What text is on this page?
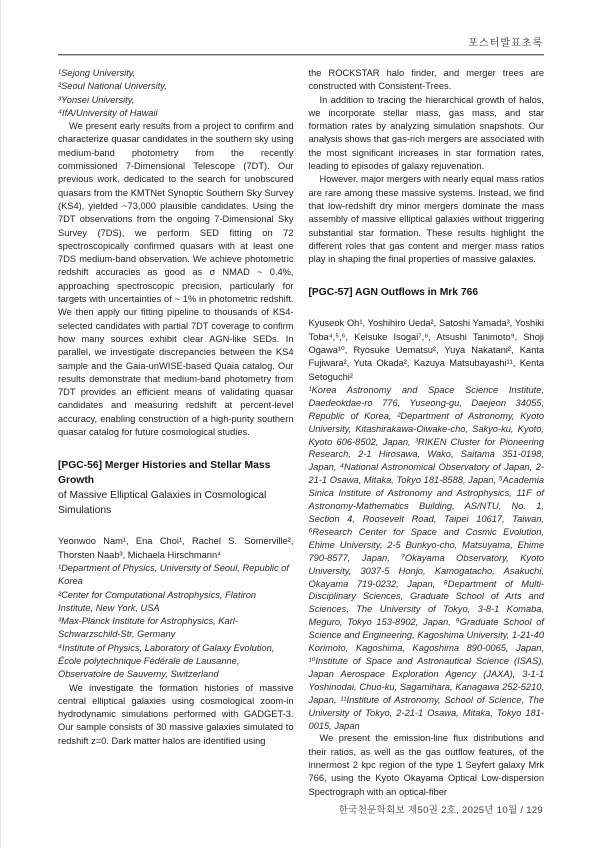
포스터발표초록
¹Sejong University,
²Seoul National University,
³Yonsei University,
⁴IfA/University of Hawaii

We present early results from a project to confirm and characterize quasar candidates in the southern sky using medium-band photometry from the recently commissioned 7-Dimensional Telescope (7DT). Our previous work, dedicated to the search for unobscured quasars from the KMTNet Synoptic Southern Sky Survey (KS4), yielded ~73,000 plausible candidates. Using the 7DT observations from the ongoing 7-Dimensional Sky Survey (7DS), we perform SED fitting on 72 spectroscopically confirmed quasars with at least one 7DS medium-band observation. We achieve photometric redshift accuracies as good as σ NMAD ~ 0.4%, approaching spectroscopic precision, particularly for targets with uncertainties of ~ 1% in photometric redshift. We then apply our fitting pipeline to thousands of KS4-selected candidates with partial 7DT coverage to confirm how many sources exhibit clear AGN-like SEDs. In parallel, we investigate discrepancies between the KS4 sample and the Gaia-unWISE-based Quaia catalog. Our results demonstrate that medium-band photometry from 7DT provides an efficient means of validating quasar candidates and measuring redshift at percent-level accuracy, enabling construction of a high-purity southern quasar catalog for future cosmological studies.

[PGC-56] Merger Histories and Stellar Mass Growth
of Massive Elliptical Galaxies in Cosmological Simulations
Yeonwoo Nam¹, Ena Choi¹, Rachel S. Somerville², Thorsten Naab³, Michaela Hirschmann⁴
¹Department of Physics, University of Seoul, Republic of Korea
²Center for Computational Astrophysics, Flatiron Institute, New York, USA
³Max-Planck Institute for Astrophysics, Karl-Schwarzschild-Str, Germany
⁴Institute of Physics, Laboratory of Galaxy Evolution, École polytechnique Fédérale de Lausanne, Observatoire de Sauverny, Switzerland

We investigate the formation histories of massive central elliptical galaxies using cosmological zoom-in hydrodynamic simulations performed with GADGET-3. Our sample consists of 30 massive galaxies simulated to redshift z=0. Dark matter halos are identified using

the ROCKSTAR halo finder, and merger trees are constructed with Consistent-Trees.

In addition to tracing the hierarchical growth of halos, we incorporate stellar mass, gas mass, and star formation rates by analyzing simulation snapshots. Our analysis shows that gas-rich mergers are associated with the most significant increases in star formation rates, leading to episodes of galaxy rejuvenation.

However, major mergers with nearly equal mass ratios are rare among these massive systems. Instead, we find that low-redshift dry minor mergers dominate the mass assembly of massive elliptical galaxies without triggering substantial star formation. These results highlight the different roles that gas content and merger mass ratios play in shaping the final properties of massive galaxies.

[PGC-57] AGN Outflows in Mrk 766
Kyuseok Oh¹, Yoshihiro Ueda², Satoshi Yamada³, Yoshiki Toba⁴,⁵,⁶, Keisuke Isogai⁷,⁸, Atsushi Tanimoto⁹, Shoji Ogawa¹⁰, Ryosuke Uematsu², Yuya Nakatani², Kanta Fujiwara², Yuta Okada², Kazuya Matsubayashi¹¹, Kenta Setoguchi²
¹Korea Astronomy and Space Science Institute, Daedeokdae-ro 776, Yuseong-gu, Daejeon 34055, Republic of Korea, ²Department of Astronomy, Kyoto University, Kitashirakawa-Oiwake-cho, Sakyo-ku, Kyoto, Kyoto 606-8502, Japan, ³RIKEN Cluster for Pioneering Research, 2-1 Hirosawa, Wako, Saitama 351-0198, Japan, ⁴National Astronomical Observatory of Japan, 2-21-1 Osawa, Mitaka, Tokyo 181-8588, Japan, ⁵Academia Sinica Institute of Astronomy and Astrophysics, 11F of Astronomy-Mathematics Building, AS/NTU, No. 1, Section 4, Roosevelt Road, Taipei 10617, Taiwan, ⁶Research Center for Space and Cosmic Evolution, Ehime University, 2-5 Bunkyo-cho, Matsuyama, Ehime 790-8577, Japan, ⁷Okayama Observatory, Kyoto University, 3037-5 Honjo, Kamogatacho, Asakuchi, Okayama 719-0232, Japan, ⁸Department of Multi-Disciplinary Sciences, Graduate School of Arts and Sciences, The University of Tokyo, 3-8-1 Komaba, Meguro, Tokyo 153-8902, Japan, ⁹Graduate School of Science and Engineering, Kagoshima University, 1-21-40 Korimoto, Kagoshima, Kagoshima 890-0065, Japan, ¹⁰Institute of Space and Astronautical Science (ISAS), Japan Aerospace Exploration Agency (JAXA), 3-1-1 Yoshinodai, Chuo-ku, Sagamihara, Kanagawa 252-5210, Japan, ¹¹Institute of Astronomy, School of Science, The University of Tokyo, 2-21-1 Osawa, Mitaka, Tokyo 181-0015, Japan

We present the emission-line flux distributions and their ratios, as well as the gas outflow features, of the innermost 2 kpc region of the type 1 Seyfert galaxy Mrk 766, using the Kyoto Okayama Optical Low-dispersion Spectrograph with an optical-fiber

한국천문학회보 제50권 2호, 2025년 10월 / 129
